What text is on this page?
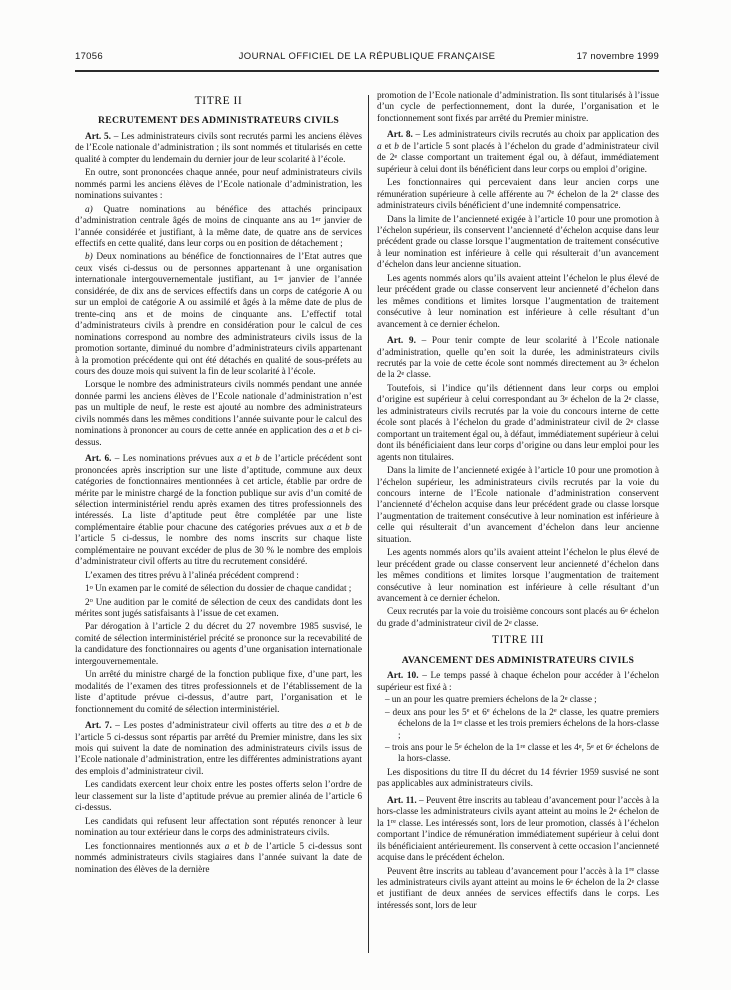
17056	JOURNAL OFFICIEL DE LA RÉPUBLIQUE FRANÇAISE	17 novembre 1999
TITRE II
RECRUTEMENT DES ADMINISTRATEURS CIVILS
Art. 5. – Les administrateurs civils sont recrutés parmi les anciens élèves de l’Ecole nationale d’administration ; ils sont nommés et titularisés en cette qualité à compter du lendemain du dernier jour de leur scolarité à l’école.
En outre, sont prononcées chaque année, pour neuf administrateurs civils nommés parmi les anciens élèves de l’Ecole nationale d’administration, les nominations suivantes :
a) Quatre nominations au bénéfice des attachés principaux d’administration centrale âgés de moins de cinquante ans au 1er janvier de l’année considérée et justifiant, à la même date, de quatre ans de services effectifs en cette qualité, dans leur corps ou en position de détachement ;
b) Deux nominations au bénéfice de fonctionnaires de l’Etat autres que ceux visés ci-dessus ou de personnes appartenant à une organisation internationale intergouvernementale justifiant, au 1er janvier de l’année considérée, de dix ans de services effectifs dans un corps de catégorie A ou sur un emploi de catégorie A ou assimilé et âgés à la même date de plus de trente-cinq ans et de moins de cinquante ans. L’effectif total d’administrateurs civils à prendre en considération pour le calcul de ces nominations correspond au nombre des administrateurs civils issus de la promotion sortante, diminué du nombre d’administrateurs civils appartenant à la promotion précédente qui ont été détachés en qualité de sous-préfets au cours des douze mois qui suivent la fin de leur scolarité à l’école.
Lorsque le nombre des administrateurs civils nommés pendant une année donnée parmi les anciens élèves de l’Ecole nationale d’administration n’est pas un multiple de neuf, le reste est ajouté au nombre des administrateurs civils nommés dans les mêmes conditions l’année suivante pour le calcul des nominations à prononcer au cours de cette année en application des a et b ci-dessus.
Art. 6. – Les nominations prévues aux a et b de l’article précédent sont prononcées après inscription sur une liste d’aptitude, commune aux deux catégories de fonctionnaires mentionnées à cet article, établie par ordre de mérite par le ministre chargé de la fonction publique sur avis d’un comité de sélection interministériel rendu après examen des titres professionnels des intéressés. La liste d’aptitude peut être complétée par une liste complémentaire établie pour chacune des catégories prévues aux a et b de l’article 5 ci-dessus, le nombre des noms inscrits sur chaque liste complémentaire ne pouvant excéder de plus de 30 % le nombre des emplois d’administrateur civil offerts au titre du recrutement considéré.
L’examen des titres prévu à l’alinéa précédent comprend :
1$^o$ Un examen par le comité de sélection du dossier de chaque candidat ;
2$^o$ Une audition par le comité de sélection de ceux des candidats dont les mérites sont jugés satisfaisants à l’issue de cet examen.
Par dérogation à l’article 2 du décret du 27 novembre 1985 susvisé, le comité de sélection interministériel précité se prononce sur la recevabilité de la candidature des fonctionnaires ou agents d’une organisation internationale intergouvernementale.
Un arrêté du ministre chargé de la fonction publique fixe, d’une part, les modalités de l’examen des titres professionnels et de l’établissement de la liste d’aptitude prévue ci-dessus, d’autre part, l’organisation et le fonctionnement du comité de sélection interministériel.
Art. 7. – Les postes d’administrateur civil offerts au titre des a et b de l’article 5 ci-dessus sont répartis par arrêté du Premier ministre, dans les six mois qui suivent la date de nomination des administrateurs civils issus de l’Ecole nationale d’administration, entre les différentes administrations ayant des emplois d’administrateur civil.
Les candidats exercent leur choix entre les postes offerts selon l’ordre de leur classement sur la liste d’aptitude prévue au premier alinéa de l’article 6 ci-dessus.
Les candidats qui refusent leur affectation sont réputés renoncer à leur nomination au tour extérieur dans le corps des administrateurs civils.
Les fonctionnaires mentionnés aux a et b de l’article 5 ci-dessus sont nommés administrateurs civils stagiaires dans l’année suivant la date de nomination des élèves de la dernière
promotion de l’Ecole nationale d’administration. Ils sont titularisés à l’issue d’un cycle de perfectionnement, dont la durée, l’organisation et le fonctionnement sont fixés par arrêté du Premier ministre.
Art. 8. – Les administrateurs civils recrutés au choix par application des a et b de l’article 5 sont placés à l’échelon du grade d’administrateur civil de 2e classe comportant un traitement égal ou, à défaut, immédiatement supérieur à celui dont ils bénéficient dans leur corps ou emploi d’origine.
Les fonctionnaires qui percevaient dans leur ancien corps une rémunération supérieure à celle afférente au 7e échelon de la 2e classe des administrateurs civils bénéficient d’une indemnité compensatrice.
Dans la limite de l’ancienneté exigée à l’article 10 pour une promotion à l’échelon supérieur, ils conservent l’ancienneté d’échelon acquise dans leur précédent grade ou classe lorsque l’augmentation de traitement consécutive à leur nomination est inférieure à celle qui résulterait d’un avancement d’échelon dans leur ancienne situation.
Les agents nommés alors qu’ils avaient atteint l’échelon le plus élevé de leur précédent grade ou classe conservent leur ancienneté d’échelon dans les mêmes conditions et limites lorsque l’augmentation de traitement consécutive à leur nomination est inférieure à celle résultant d’un avancement à ce dernier échelon.
Art. 9. – Pour tenir compte de leur scolarité à l’Ecole nationale d’administration, quelle qu’en soit la durée, les administrateurs civils recrutés par la voie de cette école sont nommés directement au 3e échelon de la 2e classe.
Toutefois, si l’indice qu’ils détiennent dans leur corps ou emploi d’origine est supérieur à celui correspondant au 3e échelon de la 2e classe, les administrateurs civils recrutés par la voie du concours interne de cette école sont placés à l’échelon du grade d’administrateur civil de 2e classe comportant un traitement égal ou, à défaut, immédiatement supérieur à celui dont ils bénéficiaient dans leur corps d’origine ou dans leur emploi pour les agents non titulaires.
Dans la limite de l’ancienneté exigée à l’article 10 pour une promotion à l’échelon supérieur, les administrateurs civils recrutés par la voie du concours interne de l’Ecole nationale d’administration conservent l’ancienneté d’échelon acquise dans leur précédent grade ou classe lorsque l’augmentation de traitement consécutive à leur nomination est inférieure à celle qui résulterait d’un avancement d’échelon dans leur ancienne situation.
Les agents nommés alors qu’ils avaient atteint l’échelon le plus élevé de leur précédent grade ou classe conservent leur ancienneté d’échelon dans les mêmes conditions et limites lorsque l’augmentation de traitement consécutive à leur nomination est inférieure à celle résultant d’un avancement à ce dernier échelon.
Ceux recrutés par la voie du troisième concours sont placés au 6e échelon du grade d’administrateur civil de 2e classe.
TITRE III
AVANCEMENT DES ADMINISTRATEURS CIVILS
Art. 10. – Le temps passé à chaque échelon pour accéder à l’échelon supérieur est fixé à :
– un an pour les quatre premiers échelons de la 2e classe ;
– deux ans pour les 5e et 6e échelons de la 2e classe, les quatre premiers échelons de la 1re classe et les trois premiers échelons de la hors-classe ;
– trois ans pour le 5e échelon de la 1re classe et les 4e, 5e et 6e échelons de la hors-classe.
Les dispositions du titre II du décret du 14 février 1959 susvisé ne sont pas applicables aux administrateurs civils.
Art. 11. – Peuvent être inscrits au tableau d’avancement pour l’accès à la hors-classe les administrateurs civils ayant atteint au moins le 2e échelon de la 1re classe. Les intéressés sont, lors de leur promotion, classés à l’échelon comportant l’indice de rémunération immédiatement supérieur à celui dont ils bénéficiaient antérieurement. Ils conservent à cette occasion l’ancienneté acquise dans le précédent échelon.
Peuvent être inscrits au tableau d’avancement pour l’accès à la 1re classe les administrateurs civils ayant atteint au moins le 6e échelon de la 2e classe et justifiant de deux années de services effectifs dans le corps. Les intéressés sont, lors de leur
